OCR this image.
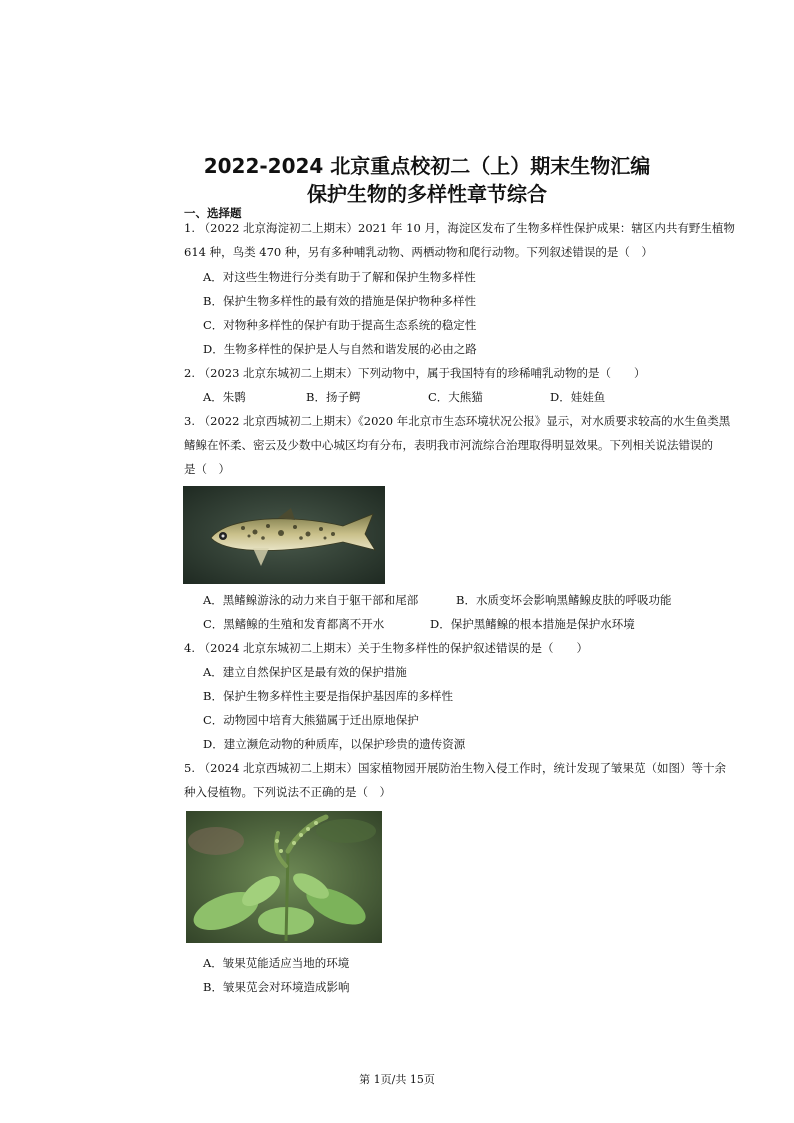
2022-2024 北京重点校初二（上）期末生物汇编
保护生物的多样性章节综合
一、选择题
1. （2022 北京海淀初二上期末）2021 年 10 月，海淀区发布了生物多样性保护成果：辖区内共有野生植物
614 种，鸟类 470 种，另有多种哺乳动物、两栖动物和爬行动物。下列叙述错误的是（　）
A．对这些生物进行分类有助于了解和保护生物多样性
B．保护生物多样性的最有效的措施是保护物种多样性
C．对物种多样性的保护有助于提高生态系统的稳定性
D．生物多样性的保护是人与自然和谐发展的必由之路
2. （2023 北京东城初二上期末）下列动物中，属于我国特有的珍稀哺乳动物的是（　　）
A．朱鹮	B．扬子鳄	C．大熊猫	D．娃娃鱼
3. （2022 北京西城初二上期末）《2020 年北京市生态环境状况公报》显示，对水质要求较高的水生鱼类黑
鳍鳈在怀柔、密云及少数中心城区均有分布，表明我市河流综合治理取得明显效果。下列相关说法错误的
是（　）
A．黑鳍鳈游泳的动力来自于躯干部和尾部	B．水质变坏会影响黑鳍鳈皮肤的呼吸功能
C．黑鳍鳈的生殖和发育都离不开水	D．保护黑鳍鳈的根本措施是保护水环境
4. （2024 北京东城初二上期末）关于生物多样性的保护叙述错误的是（　　）
A．建立自然保护区是最有效的保护措施
B．保护生物多样性主要是指保护基因库的多样性
C．动物园中培育大熊猫属于迁出原地保护
D．建立濒危动物的种质库，以保护珍贵的遗传资源
5. （2024 北京西城初二上期末）国家植物园开展防治生物入侵工作时，统计发现了皱果苋（如图）等十余
种入侵植物。下列说法不正确的是（　）
A．皱果苋能适应当地的环境
B．皱果苋会对环境造成影响
第 1页/共 15页
